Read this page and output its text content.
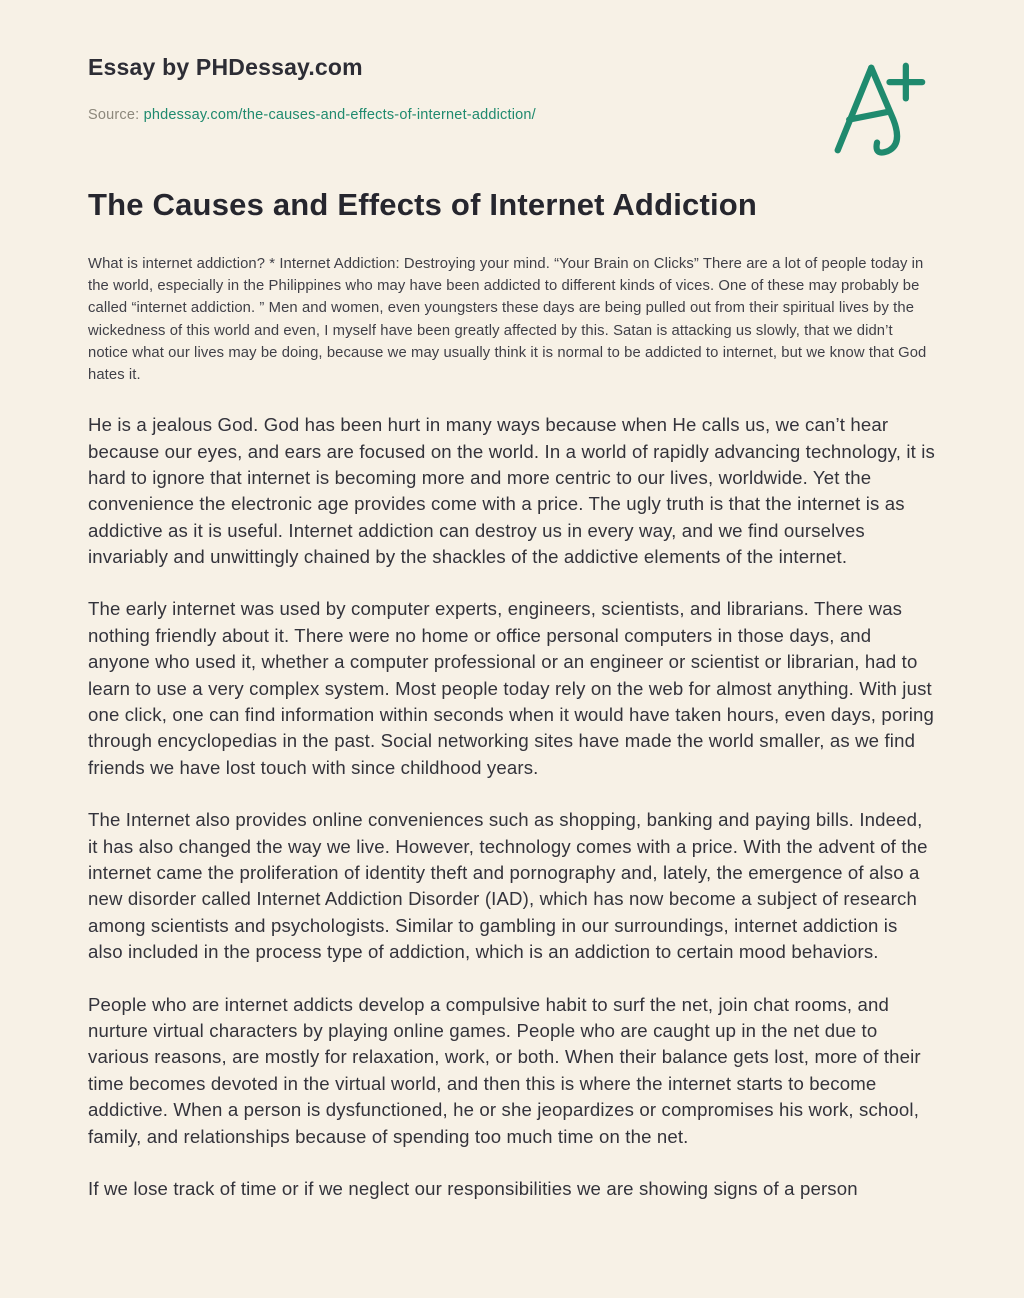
Essay by PHDessay.com
Source: phdessay.com/the-causes-and-effects-of-internet-addiction/
The Causes and Effects of Internet Addiction

What is internet addiction? * Internet Addiction: Destroying your mind. “Your Brain on Clicks” There are a lot of people today in the world, especially in the Philippines who may have been addicted to different kinds of vices. One of these may probably be called “internet addiction. ” Men and women, even youngsters these days are being pulled out from their spiritual lives by the wickedness of this world and even, I myself have been greatly affected by this. Satan is attacking us slowly, that we didn’t notice what our lives may be doing, because we may usually think it is normal to be addicted to internet, but we know that God hates it.

He is a jealous God. God has been hurt in many ways because when He calls us, we can’t hear because our eyes, and ears are focused on the world. In a world of rapidly advancing technology, it is hard to ignore that internet is becoming more and more centric to our lives, worldwide. Yet the convenience the electronic age provides come with a price. The ugly truth is that the internet is as addictive as it is useful. Internet addiction can destroy us in every way, and we find ourselves invariably and unwittingly chained by the shackles of the addictive elements of the internet.

The early internet was used by computer experts, engineers, scientists, and librarians. There was nothing friendly about it. There were no home or office personal computers in those days, and anyone who used it, whether a computer professional or an engineer or scientist or librarian, had to learn to use a very complex system. Most people today rely on the web for almost anything. With just one click, one can find information within seconds when it would have taken hours, even days, poring through encyclopedias in the past. Social networking sites have made the world smaller, as we find friends we have lost touch with since childhood years.

The Internet also provides online conveniences such as shopping, banking and paying bills. Indeed, it has also changed the way we live. However, technology comes with a price. With the advent of the internet came the proliferation of identity theft and pornography and, lately, the emergence of also a new disorder called Internet Addiction Disorder (IAD), which has now become a subject of research among scientists and psychologists. Similar to gambling in our surroundings, internet addiction is also included in the process type of addiction, which is an addiction to certain mood behaviors.

People who are internet addicts develop a compulsive habit to surf the net, join chat rooms, and nurture virtual characters by playing online games. People who are caught up in the net due to various reasons, are mostly for relaxation, work, or both. When their balance gets lost, more of their time becomes devoted in the virtual world, and then this is where the internet starts to become addictive. When a person is dysfunctioned, he or she jeopardizes or compromises his work, school, family, and relationships because of spending too much time on the net.

If we lose track of time or if we neglect our responsibilities we are showing signs of a person
